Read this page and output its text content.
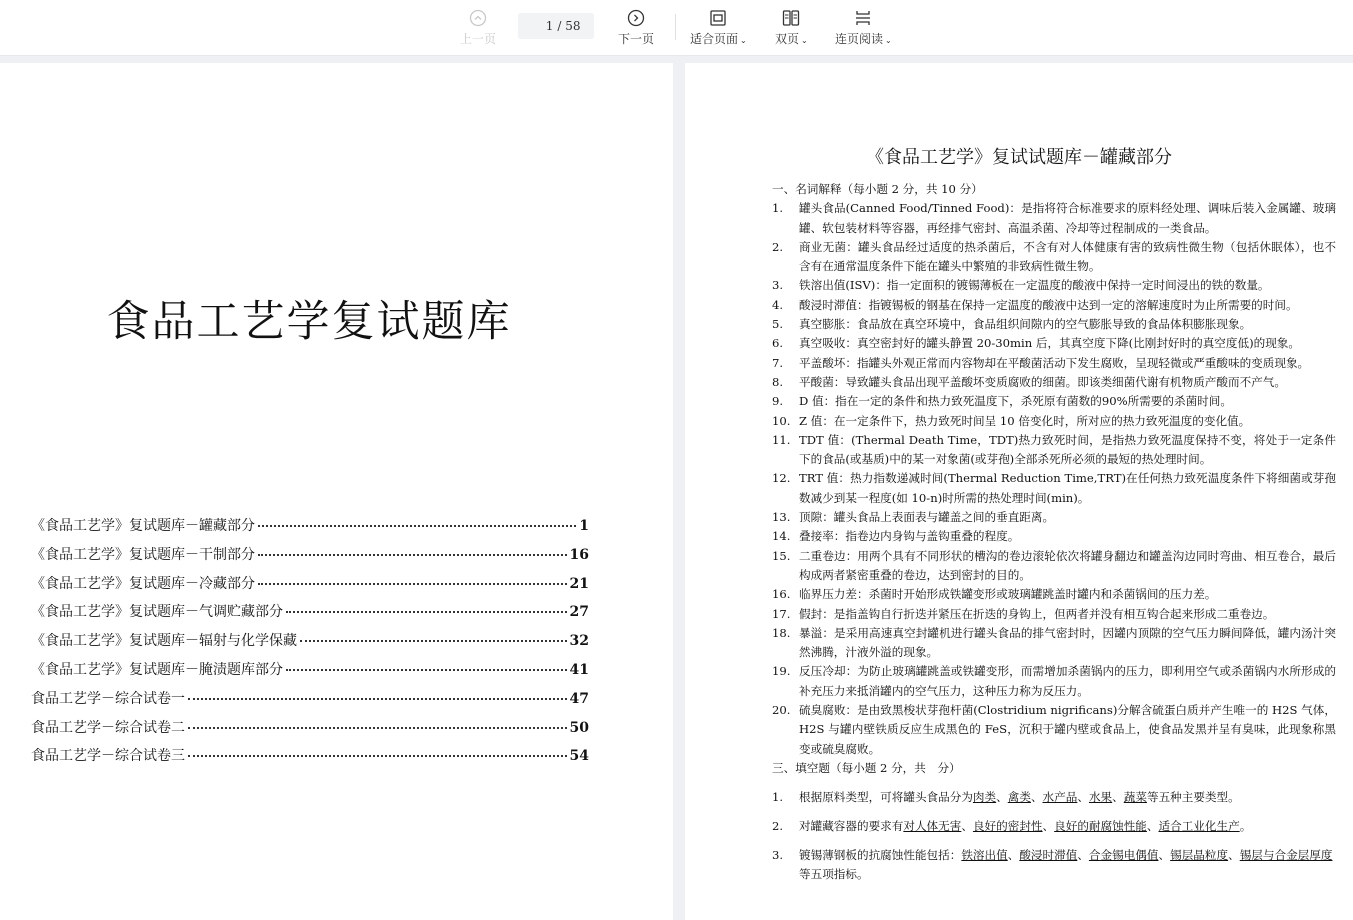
上一页
1
/ 58
下一页	适合页面 ⌄ 双页 ⌄ 连页阅读 ⌄
食品工艺学复试题库
《食品工艺学》复试题库－罐藏部分	1
《食品工艺学》复试题库－干制部分	16
《食品工艺学》复试题库－冷藏部分	21
《食品工艺学》复试题库－气调贮藏部分	27
《食品工艺学》复试题库－辐射与化学保藏	32
《食品工艺学》复试题库－腌渍题库部分	41
食品工艺学－综合试卷一	47
食品工艺学－综合试卷二	50
食品工艺学－综合试卷三	54
《食品工艺学》复试试题库－罐藏部分
一、名词解释（每小题 2 分，共 10 分）
1.	罐头食品(Canned Food/Tinned Food)：是指将符合标准要求的原料经处理、调味后装入金属罐、玻璃罐、软包装材料等容器，再经排气密封、高温杀菌、冷却等过程制成的一类食品。
2.	商业无菌：罐头食品经过适度的热杀菌后，不含有对人体健康有害的致病性微生物（包括休眠体），也不含有在通常温度条件下能在罐头中繁殖的非致病性微生物。
3.	铁溶出值(ISV)：指一定面积的镀锡薄板在一定温度的酸液中保持一定时间浸出的铁的数量。
4.	酸浸时滞值：指镀锡板的钢基在保持一定温度的酸液中达到一定的溶解速度时为止所需要的时间。
5.	真空膨胀：食品放在真空环境中，食品组织间隙内的空气膨胀导致的食品体积膨胀现象。
6.	真空吸收：真空密封好的罐头静置 20-30min 后，其真空度下降(比刚封好时的真空度低)的现象。
7.	平盖酸坏：指罐头外观正常而内容物却在平酸菌活动下发生腐败，呈现轻微或严重酸味的变质现象。
8.	平酸菌：导致罐头食品出现平盖酸坏变质腐败的细菌。即该类细菌代谢有机物质产酸而不产气。
9.	D 值：指在一定的条件和热力致死温度下，杀死原有菌数的90%所需要的杀菌时间。
10. Z 值：在一定条件下，热力致死时间呈 10 倍变化时，所对应的热力致死温度的变化值。
11. TDT 值：(Thermal Death Time，TDT)热力致死时间，是指热力致死温度保持不变，将处于一定条件下的食品(或基质)中的某一对象菌(或芽孢)全部杀死所必须的最短的热处理时间。
12. TRT 值：热力指数递减时间(Thermal Reduction Time,TRT)在任何热力致死温度条件下将细菌或芽孢数减少到某一程度(如 10-n)时所需的热处理时间(min)。
13. 顶隙：罐头食品上表面表与罐盖之间的垂直距离。
14. 叠接率：指卷边内身钩与盖钩重叠的程度。
15. 二重卷边：用两个具有不同形状的槽沟的卷边滚轮依次将罐身翻边和罐盖沟边同时弯曲、相互卷合，最后构成两者紧密重叠的卷边，达到密封的目的。
16. 临界压力差：杀菌时开始形成铁罐变形或玻璃罐跳盖时罐内和杀菌锅间的压力差。
17. 假封：是指盖钩自行折迭并紧压在折迭的身钩上，但两者并没有相互钩合起来形成二重卷边。
18. 暴溢：是采用高速真空封罐机进行罐头食品的排气密封时，因罐内顶隙的空气压力瞬间降低，罐内汤汁突然沸腾，汁液外溢的现象。
19. 反压冷却：为防止玻璃罐跳盖或铁罐变形，而需增加杀菌锅内的压力，即利用空气或杀菌锅内水所形成的补充压力来抵消罐内的空气压力，这种压力称为反压力。
20. 硫臭腐败：是由致黑梭状芽孢杆菌(Clostridium nigrificans)分解含硫蛋白质并产生唯一的 H2S 气体，H2S 与罐内壁铁质反应生成黑色的 FeS，沉积于罐内壁或食品上，使食品发黑并呈有臭味，此现象称黑变或硫臭腐败。
三、填空题（每小题 2 分，共　分）
1.	根据原料类型，可将罐头食品分为肉类、禽类、水产品、水果、蔬菜等五种主要类型。
2.	对罐藏容器的要求有对人体无害、良好的密封性、良好的耐腐蚀性能、适合工业化生产。
3.	镀锡薄钢板的抗腐蚀性能包括：铁溶出值、酸浸时滞值、合金锡电偶值、锡层晶粒度、锡层与合金层厚度等五项指标。
